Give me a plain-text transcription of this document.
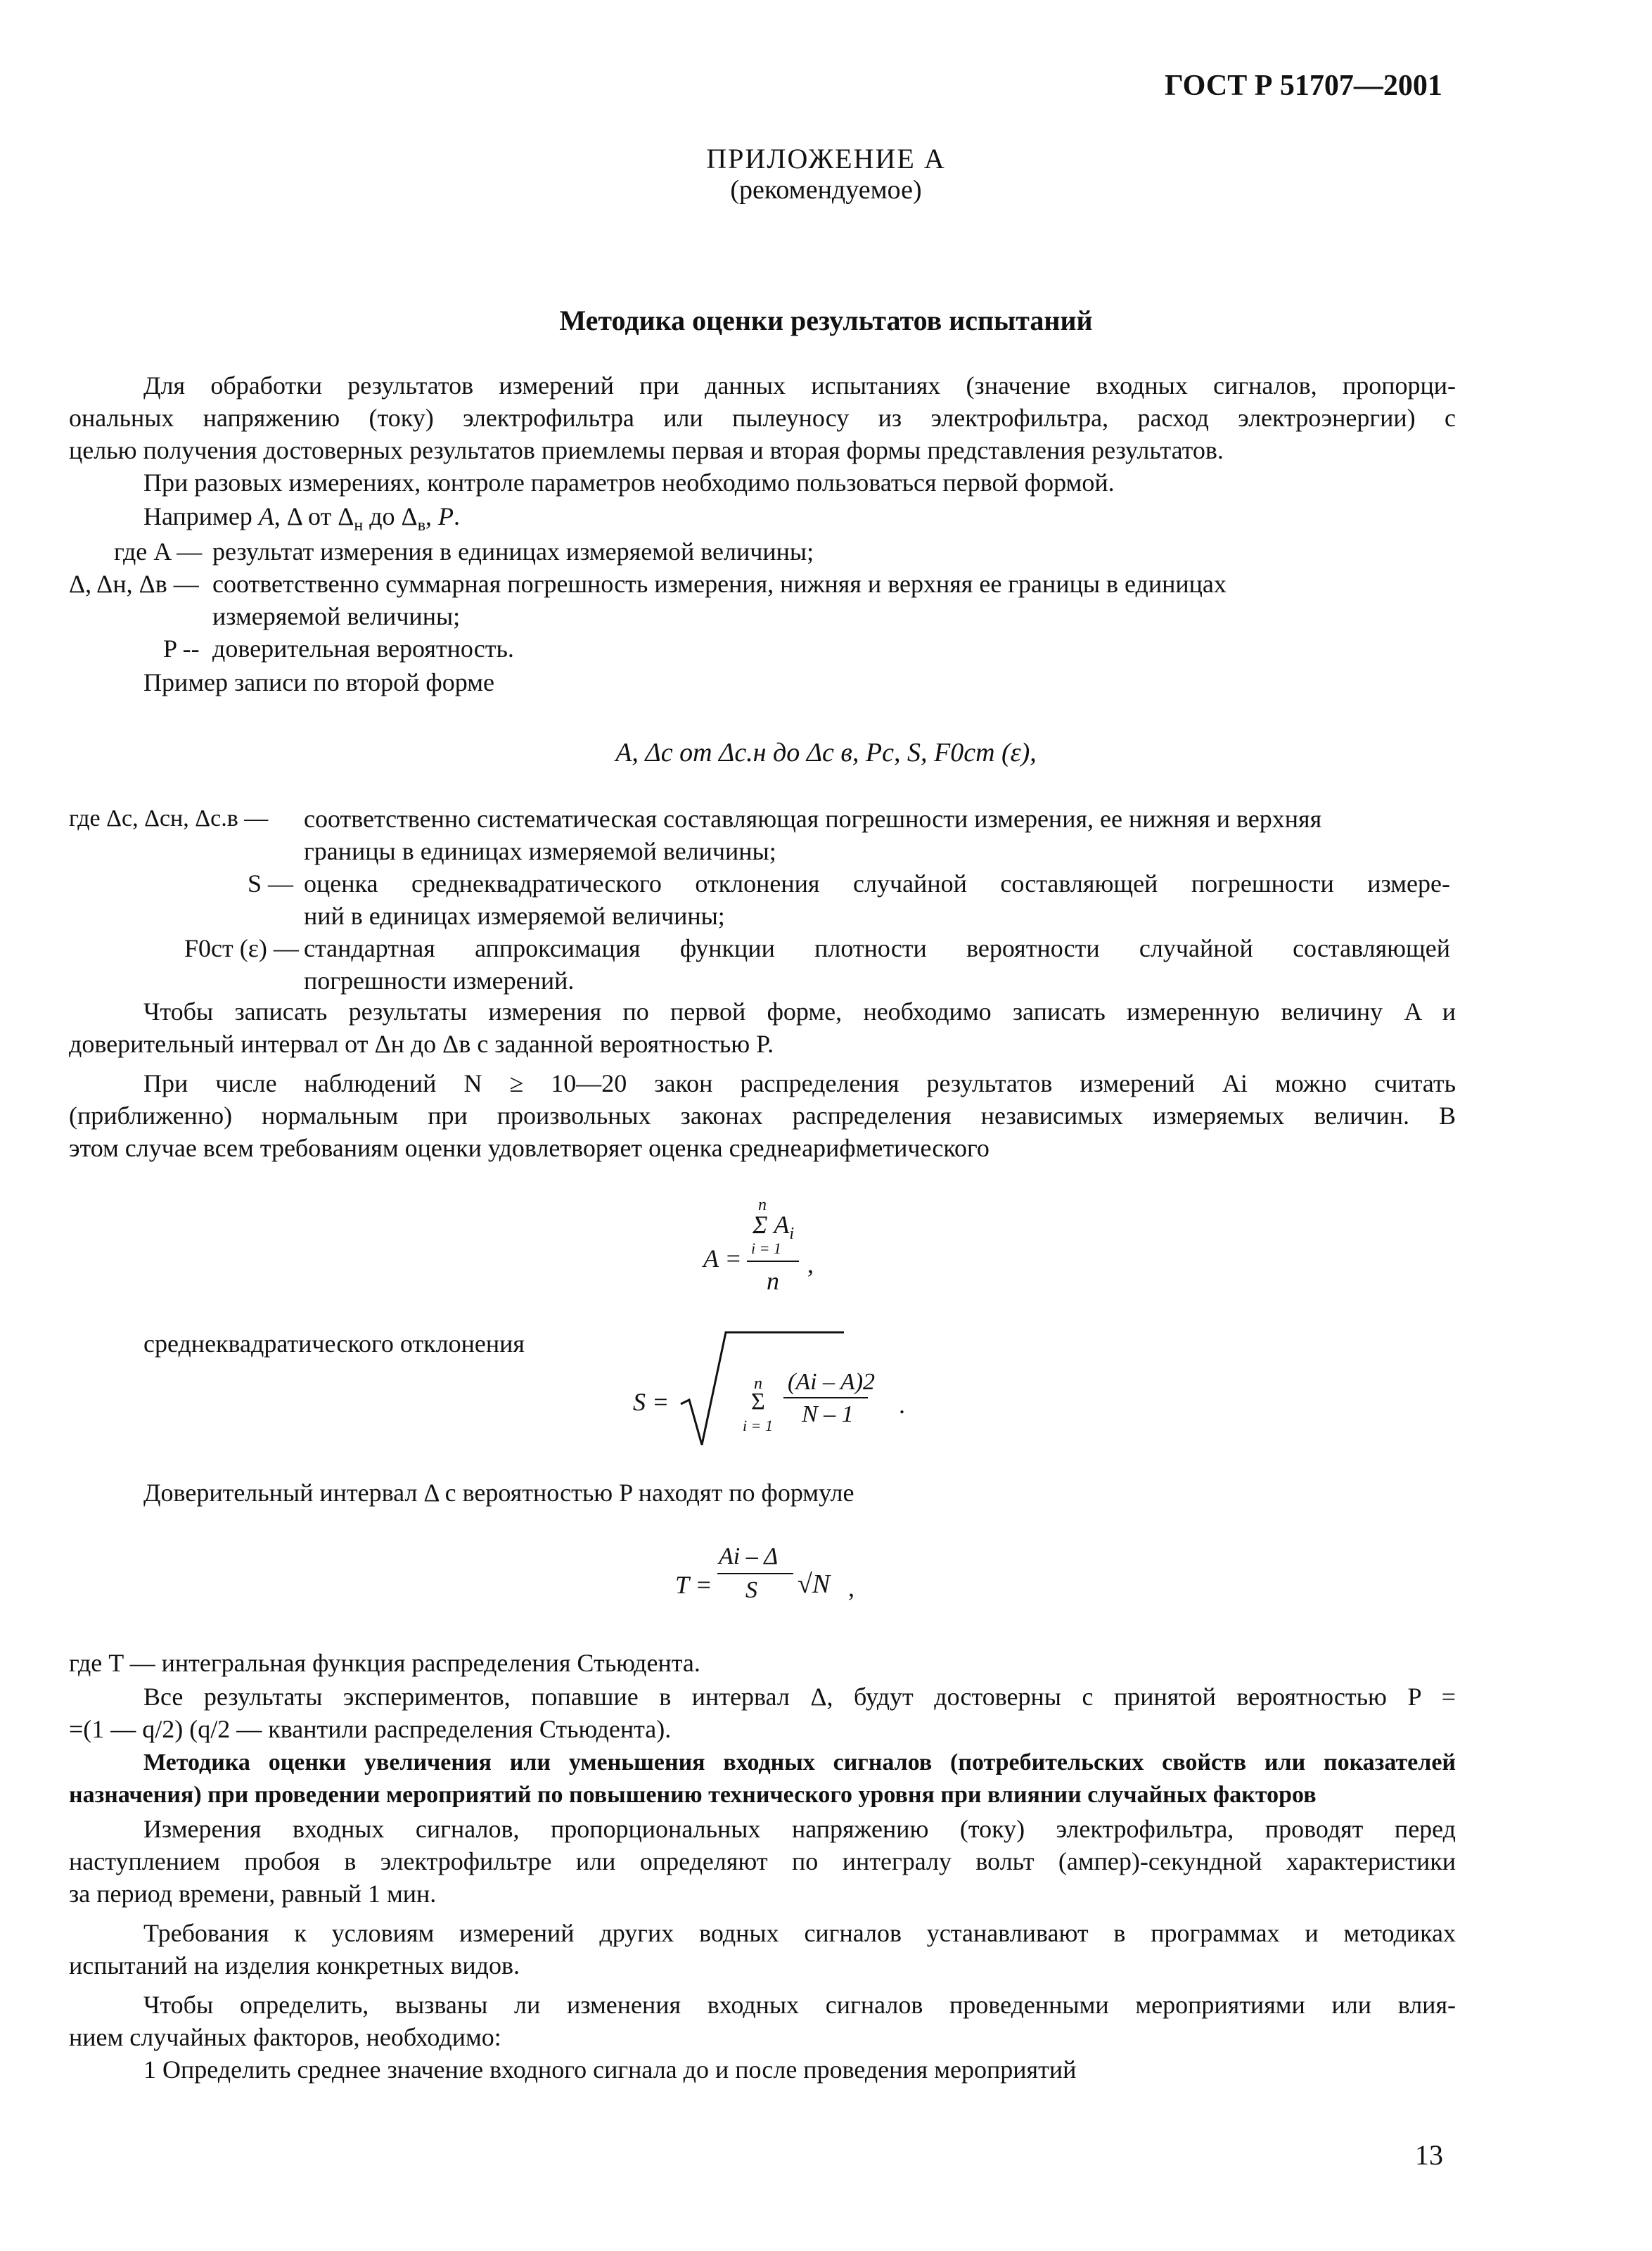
ГОСТ Р 51707—2001
ПРИЛОЖЕНИЕ А
(рекомендуемое)
Методика оценки результатов испытаний
Для обработки результатов измерений при данных испытаниях (значение входных сигналов, пропорци-
ональных напряжению (току) электрофильтра или пылеуносу из электрофильтра, расход электроэнергии) с
целью получения достоверных результатов приемлемы первая и вторая формы представления результатов.
При разовых измерениях, контроле параметров необходимо пользоваться первой формой.
Например A, Δ от $\Delta_н$ до $\Delta_в$, P.
где A — результат измерения в единицах измеряемой величины;
Δ, Δн, Δв — соответственно суммарная погрешность измерения, нижняя и верхняя ее границы в единицах
измеряемой величины;
P -- доверительная вероятность.
Пример записи по второй форме
A, Δс от Δс.н до Δс в, Pс, S, F0ст (ε),
где Δс, Δсн, Δс.в — соответственно систематическая составляющая погрешности измерения, ее нижняя и верхняя
границы в единицах измеряемой величины;
S — оценка среднеквадратического отклонения случайной составляющей погрешности измере-
ний в единицах измеряемой величины;
F0ст (ε) — стандартная аппроксимация функции плотности вероятности случайной составляющей
погрешности измерений.
Чтобы записать результаты измерения по первой форме, необходимо записать измеренную величину A и
доверительный интервал от Δн до Δв с заданной вероятностью P.
При числе наблюдений N ≥ 10—20 закон распределения результатов измерений Ai можно считать
(приближенно) нормальным при произвольных законах распределения независимых измеряемых величин. В
этом случае всем требованиям оценки удовлетворяет оценка среднеарифметического
A =
n
Σ $A_i$
i = 1
n
,
среднеквадратического отклонения
S =
n
Σ
i = 1
(Ai – A)2
N – 1 .
Доверительный интервал Δ с вероятностью P находят по формуле
T =
Ai – Δ
S √N ,
где T — интегральная функция распределения Стьюдента.
Все результаты экспериментов, попавшие в интервал Δ, будут достоверны с принятой вероятностью P =
=(1 — q/2) (q/2 — квантили распределения Стьюдента).
Методика оценки увеличения или уменьшения входных сигналов (потребительских свойств или показателей
назначения) при проведении мероприятий по повышению технического уровня при влиянии случайных факторов
Измерения входных сигналов, пропорциональных напряжению (току) электрофильтра, проводят перед
наступлением пробоя в электрофильтре или определяют по интегралу вольт (ампер)-секундной характеристики
за период времени, равный 1 мин.
Требования к условиям измерений других водных сигналов устанавливают в программах и методиках
испытаний на изделия конкретных видов.
Чтобы определить, вызваны ли изменения входных сигналов проведенными мероприятиями или влия-
нием случайных факторов, необходимо:
1 Определить среднее значение входного сигнала до и после проведения мероприятий
13
